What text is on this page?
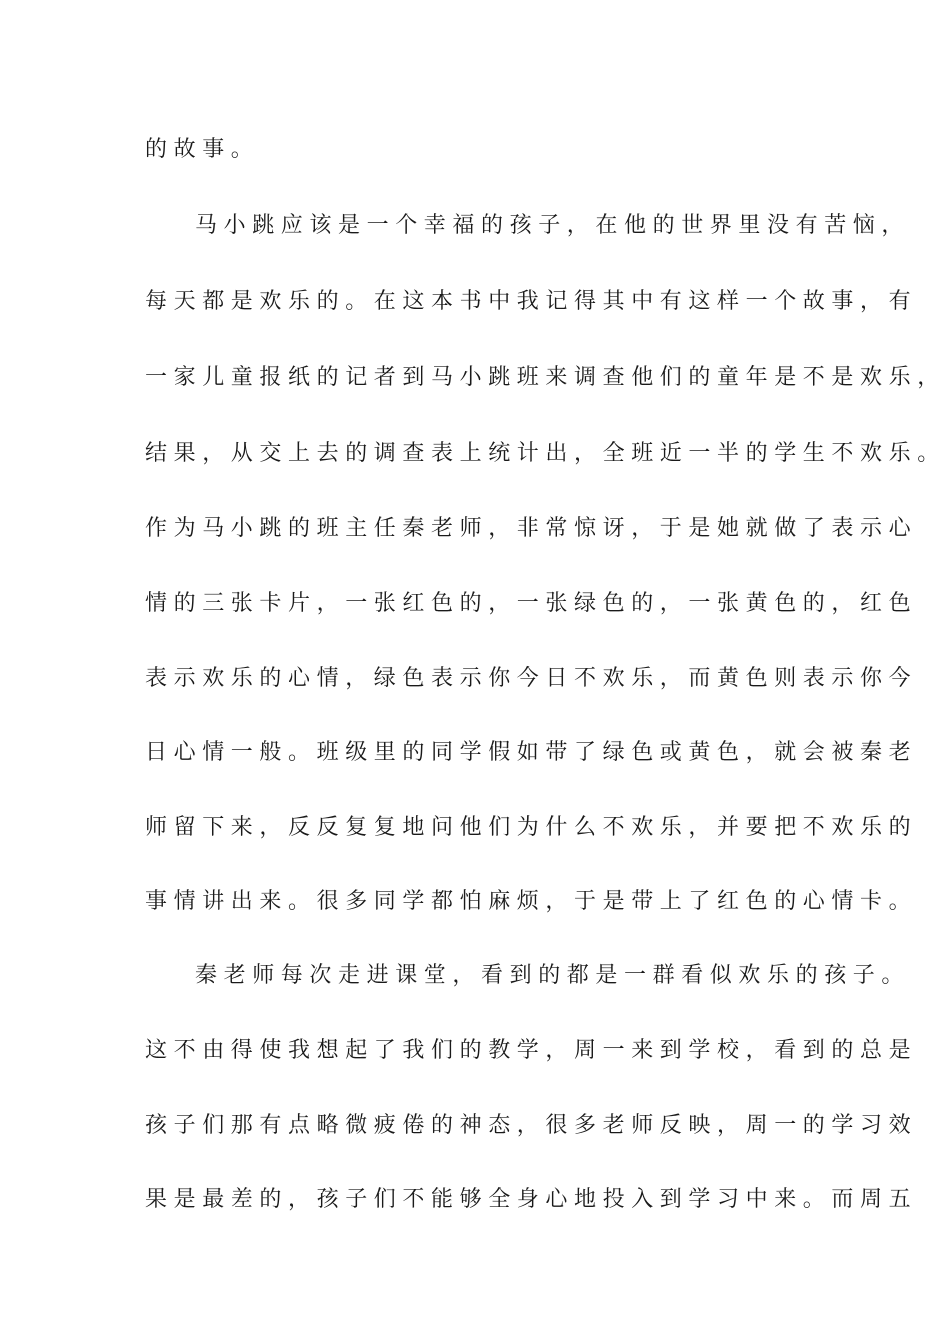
的故事。
马小跳应该是一个幸福的孩子，在他的世界里没有苦恼，
每天都是欢乐的。在这本书中我记得其中有这样一个故事，有
一家儿童报纸的记者到马小跳班来调查他们的童年是不是欢乐，
结果，从交上去的调查表上统计出，全班近一半的学生不欢乐。
作为马小跳的班主任秦老师，非常惊讶，于是她就做了表示心
情的三张卡片，一张红色的，一张绿色的，一张黄色的，红色
表示欢乐的心情，绿色表示你今日不欢乐，而黄色则表示你今
日心情一般。班级里的同学假如带了绿色或黄色，就会被秦老
师留下来，反反复复地问他们为什么不欢乐，并要把不欢乐的
事情讲出来。很多同学都怕麻烦，于是带上了红色的心情卡。
秦老师每次走进课堂，看到的都是一群看似欢乐的孩子。
这不由得使我想起了我们的教学，周一来到学校，看到的总是
孩子们那有点略微疲倦的神态，很多老师反映，周一的学习效
果是最差的，孩子们不能够全身心地投入到学习中来。而周五
